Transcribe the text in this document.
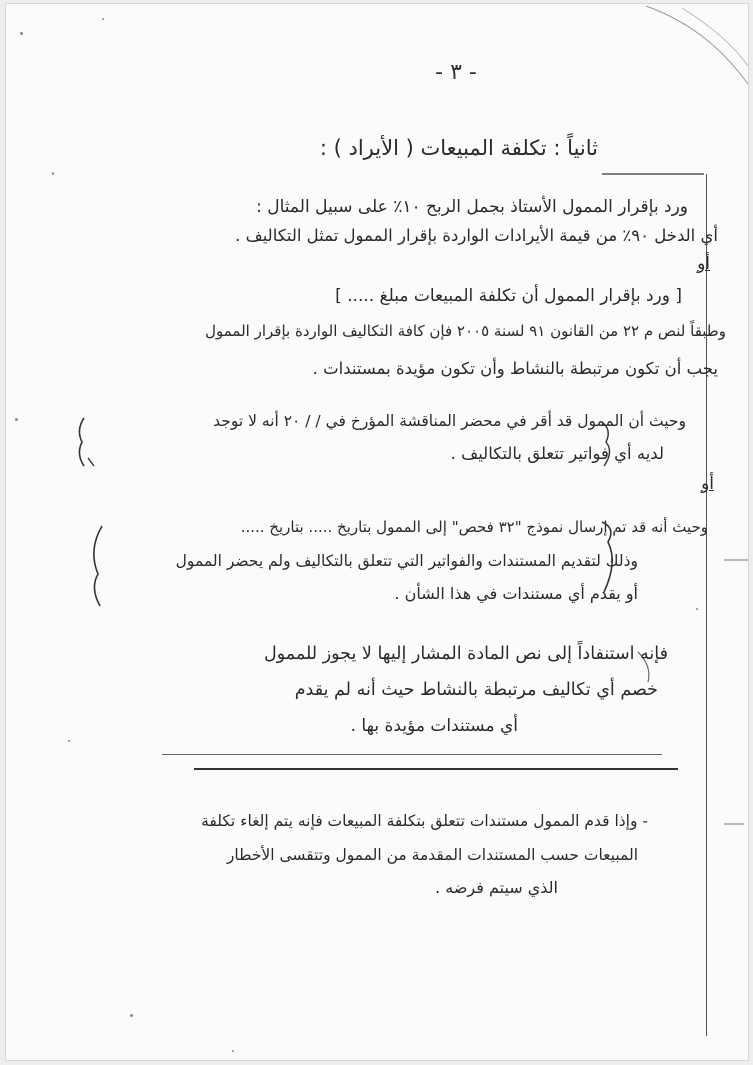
- ٣ -
ثانياً : تكلفة المبيعات ( الأيراد ) :
ورد بإقرار الممول الأستاذ بجمل الربح ١٠٪ على سبيل المثال :
أي الدخل ٩٠٪ من قيمة الأيرادات الواردة بإقرار الممول تمثل التكاليف .
أو
[ ورد بإقرار الممول أن تكلفة المبيعات مبلغ ..... ]
وطبقاً لنص م ٢٢ من القانون ٩١ لسنة ٢٠٠٥ فإن كافة التكاليف الواردة بإقرار الممول
يجب أن تكون مرتبطة بالنشاط وأن تكون مؤيدة بمستندات .
وحيث أن الممول قد أقر في محضر المناقشة المؤرخ في / / ٢٠ أنه لا توجد
لديه أي فواتير تتعلق بالتكاليف .
أو
وحيث أنه قد تم إرسال نموذج "٣٢ فحص" إلى الممول بتاريخ ..... بتاريخ .....
وذلك لتقديم المستندات والفواتير التي تتعلق بالتكاليف ولم يحضر الممول
أو يقدم أي مستندات في هذا الشأن .
فإنه استنفاداً إلى نص المادة المشار إليها لا يجوز للممول
خصم أي تكاليف مرتبطة بالنشاط حيث أنه لم يقدم
أي مستندات مؤيدة بها .
- وإذا قدم الممول مستندات تتعلق بتكلفة المبيعات فإنه يتم إلغاء تكلفة
المبيعات حسب المستندات المقدمة من الممول وتتقسى الأخطار
الذي سيتم فرضه .
